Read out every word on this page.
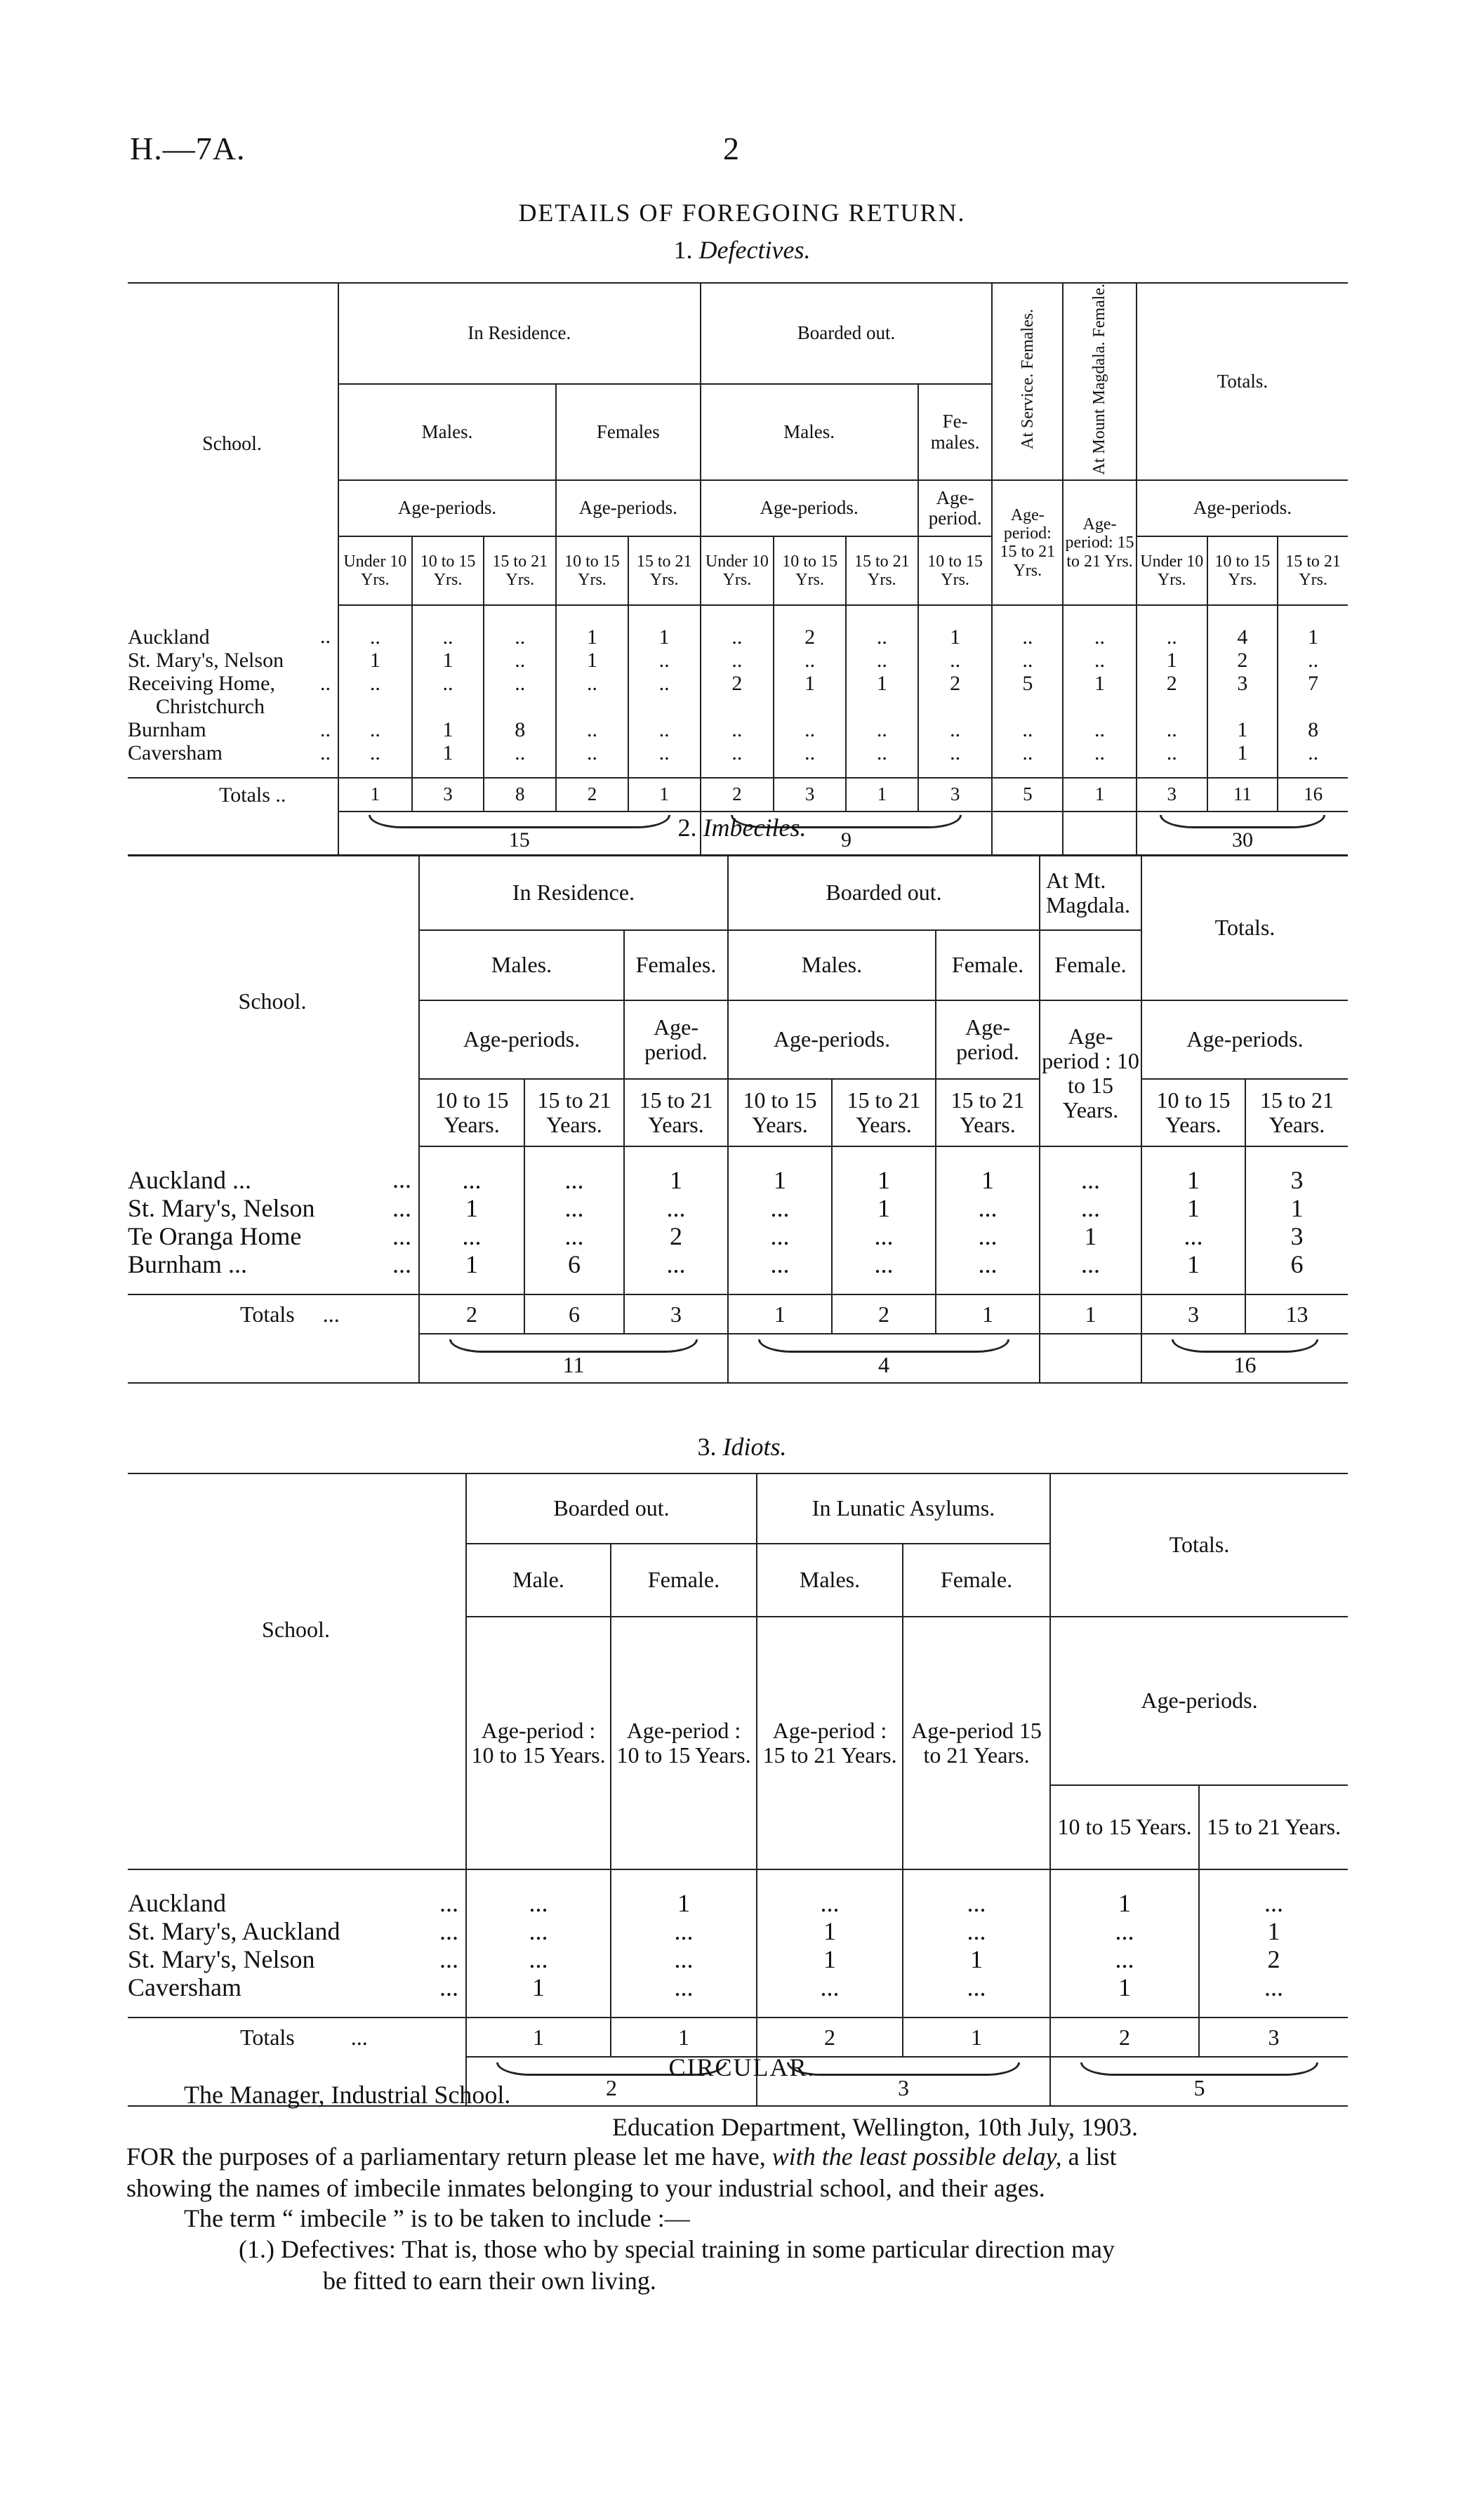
H.—7A.	2
DETAILS OF FOREGOING RETURN.
1. Defectives.
School.	In Residence.					Boarded out.				At Service. Females.	At Mount Magdala. Female.	Totals.		
	Males.			Females		Males.			Fe- males.					
	Age-periods.			Age-periods.		Age-periods.			Age- period.	Age- period: 15 to 21 Yrs.	Age- period: 15 to 21 Yrs.	Age-periods.		
	Under 10 Yrs.	10 to 15 Yrs.	15 to 21 Yrs.	10 to 15 Yrs.	15 to 21 Yrs.	Under 10 Yrs.	10 to 15 Yrs.	15 to 21 Yrs.	10 to 15 Yrs.			Under 10 Yrs.	10 to 15 Yrs.	15 to 21 Yrs.
Auckland ..	..	..	..	1	1	..	2	..	1	..	..	..	4	1
St. Mary's, Nelson	1	1	..	1	..	..	..	..	..	..	..	1	2	..
Receiving Home, ..	..	..	..	..	..	2	1	1	2	5	1	2	3	7
Christchurch

Burnham ..	..	1	8	..	..	..	..	..	..	..	..	..	1	8
Caversham ..	..	1	..	..	..	..	..	..	..	..	..	..	1	..
Totals ..	1	3	8	2	1	2	3	1	3	5	1	3	11	16

	15					9						30		
2. Imbeciles.
School.	In Residence.			Boarded out.			At Mt. Magdala.	Totals.	
	Males.		Females.	Males.		Female.	Female.		
	Age-periods.		Age- period.	Age-periods.		Age- period.	Age- period : 10 to 15 Years.	Age-periods.	
	10 to 15 Years.	15 to 21 Years.	15 to 21 Years.	10 to 15 Years.	15 to 21 Years.	15 to 21 Years.		10 to 15 Years.	15 to 21 Years.
Auckland ... ...	...	...	1	1	1	1	...	1	3
St. Mary's, Nelson ...	1	...	...	...	1	...	...	1	1
Te Oranga Home ...	...	...	2	...	...	...	1	...	3
Burnham ... ...	1	6	...	...	...	...	...	1	6
Totals ...	2	6	3	1	2	1	1	3	13

	11			4				16	
3. Idiots.
School.	Boarded out.		In Lunatic Asylums.		Totals.	
	Male.	Female.	Males.	Female.		
	Age-period : 10 to 15 Years.	Age-period : 10 to 15 Years.	Age-period : 15 to 21 Years.	Age-period 15 to 21 Years.	Age-periods.	
					10 to 15 Years.	15 to 21 Years.
Auckland ...	...	1	...	...	1	...
St. Mary's, Auckland ...	...	...	1	...	...	1
St. Mary's, Nelson ...	...	...	1	1	...	2
Caversham ...	1	...	...	...	1	...
Totals ...	1	1	2	1	2	3

	2		3		5	
CIRCULAR.
The Manager, Industrial School.
Education Department, Wellington, 10th July, 1903.
FOR the purposes of a parliamentary return please let me have, with the least possible delay, a list
showing the names of imbecile inmates belonging to your industrial school, and their ages.
The term “ imbecile ” is to be taken to include :—
(1.) Defectives: That is, those who by special training in some particular direction may
be fitted to earn their own living.
